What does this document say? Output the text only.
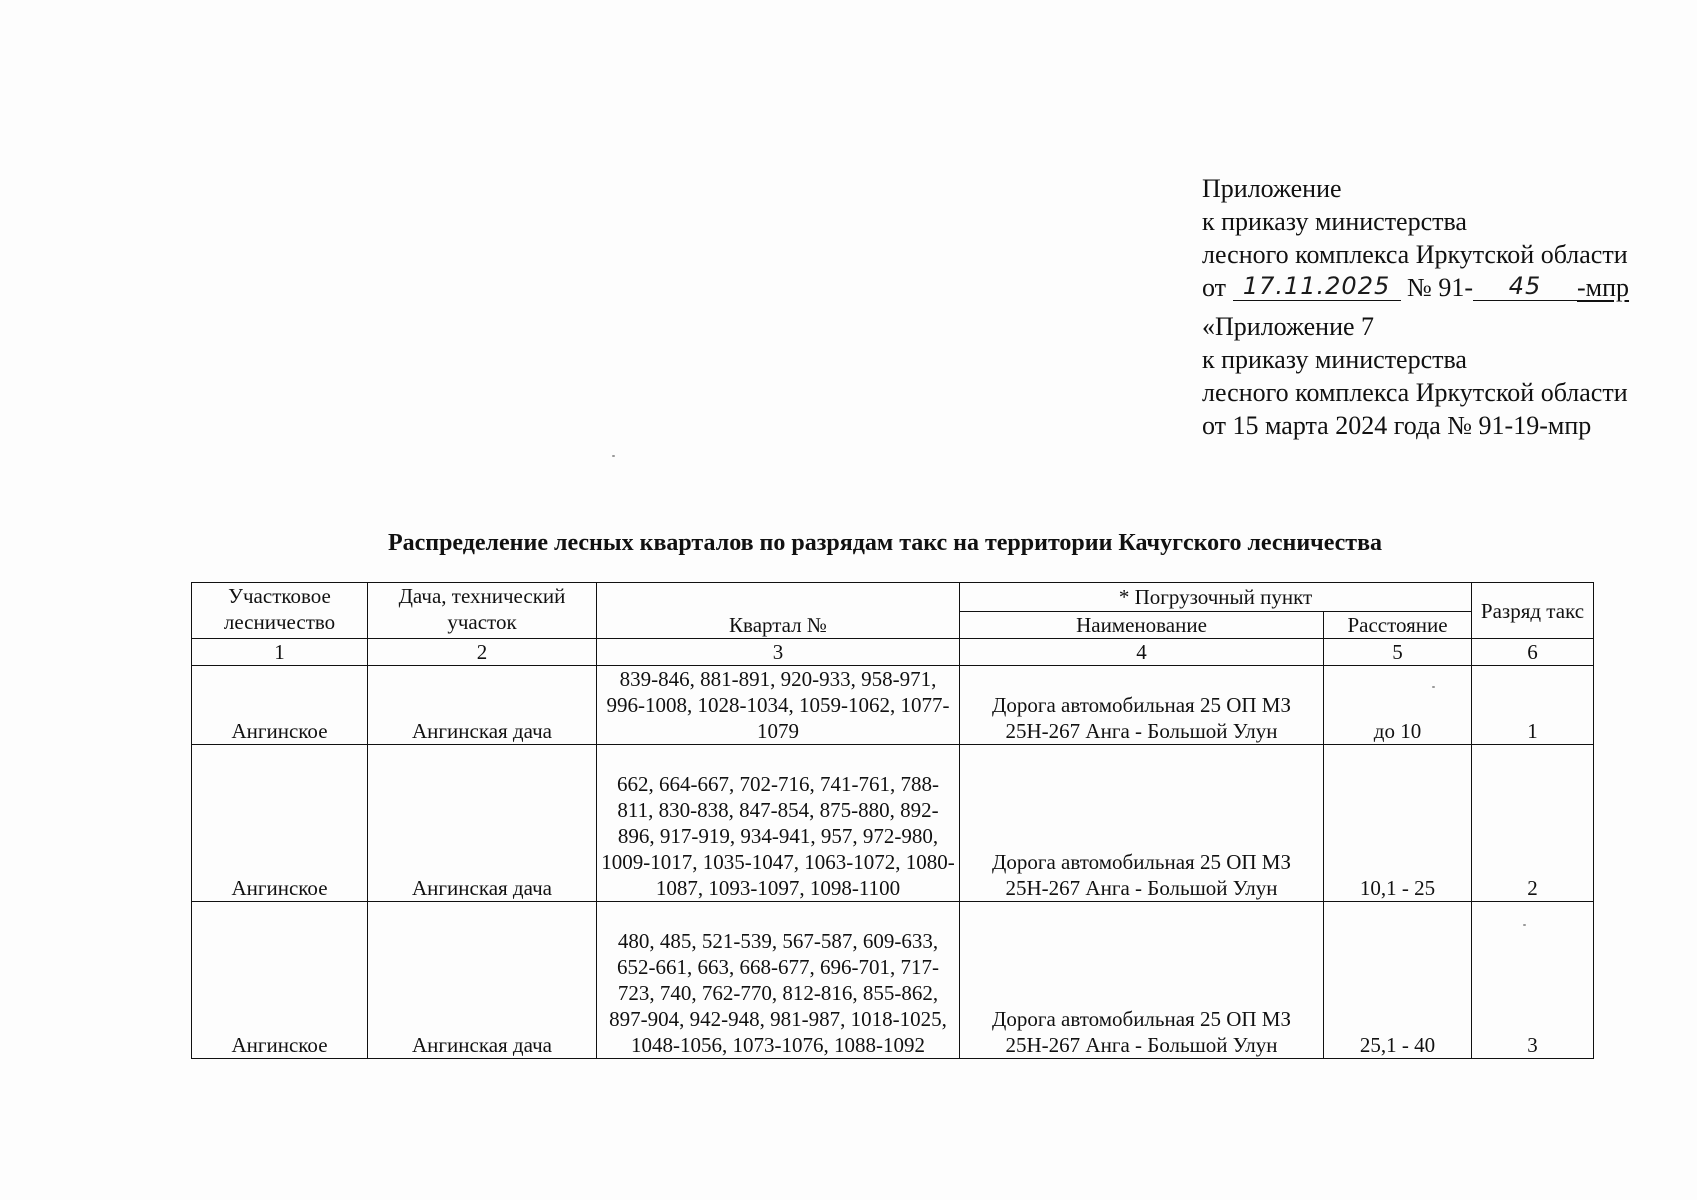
Приложение
к приказу министерства
лесного комплекса Иркутской области
от 17.11.2025 № 91- 45 -мпр
«Приложение 7
к приказу министерства
лесного комплекса Иркутской области
от 15 марта 2024 года № 91-19-мпр
Распределение лесных кварталов по разрядам такс на территории Качугского лесничества
Участковое лесничество	Дача, технический участок	Квартал №	* Погрузочный пункт		Разряд такс
			Наименование	Расстояние	
1	2	3	4	5	6
Ангинское	Ангинская дача	839-846, 881-891, 920-933, 958-971, 996-1008, 1028-1034, 1059-1062, 1077-1079	Дорога автомобильная 25 ОП МЗ 25Н-267 Анга - Большой Улун	до 10	1
Ангинское	Ангинская дача	662, 664-667, 702-716, 741-761, 788-811, 830-838, 847-854, 875-880, 892-896, 917-919, 934-941, 957, 972-980, 1009-1017, 1035-1047, 1063-1072, 1080-1087, 1093-1097, 1098-1100	Дорога автомобильная 25 ОП МЗ 25Н-267 Анга - Большой Улун	10,1 - 25	2
Ангинское	Ангинская дача	480, 485, 521-539, 567-587, 609-633, 652-661, 663, 668-677, 696-701, 717-723, 740, 762-770, 812-816, 855-862, 897-904, 942-948, 981-987, 1018-1025, 1048-1056, 1073-1076, 1088-1092	Дорога автомобильная 25 ОП МЗ 25Н-267 Анга - Большой Улун	25,1 - 40	3
